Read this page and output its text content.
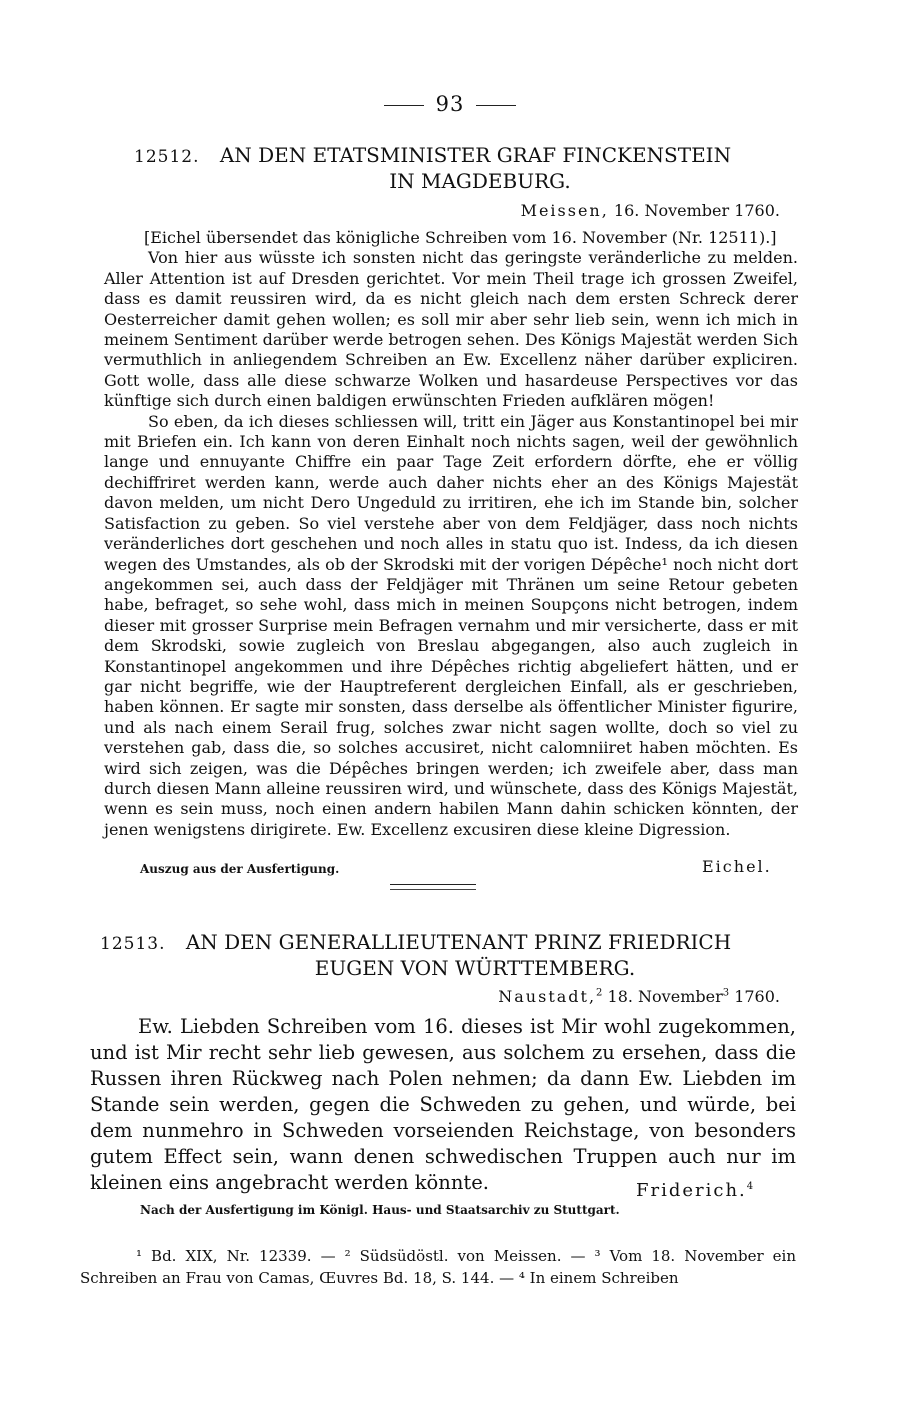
93
12512. AN DEN ETATSMINISTER GRAF FINCKENSTEIN
IN MAGDEBURG.
Meissen, 16. November 1760.

[Eichel übersendet das königliche Schreiben vom 16. November (Nr. 12511).]

Von hier aus wüsste ich sonsten nicht das geringste veränderliche zu melden. Aller Attention ist auf Dresden gerichtet. Vor mein Theil trage ich grossen Zweifel, dass es damit reussiren wird, da es nicht gleich nach dem ersten Schreck derer Oesterreicher damit gehen wollen; es soll mir aber sehr lieb sein, wenn ich mich in meinem Sentiment darüber werde betrogen sehen. Des Königs Majestät werden Sich vermuthlich in anliegendem Schreiben an Ew. Excellenz näher darüber expliciren. Gott wolle, dass alle diese schwarze Wolken und hasardeuse Perspectives vor das künftige sich durch einen baldigen erwünschten Frieden aufklären mögen!

So eben, da ich dieses schliessen will, tritt ein Jäger aus Konstantinopel bei mir mit Briefen ein. Ich kann von deren Einhalt noch nichts sagen, weil der gewöhnlich lange und ennuyante Chiffre ein paar Tage Zeit erfordern dörfte, ehe er völlig dechiffriret werden kann, werde auch daher nichts eher an des Königs Majestät davon melden, um nicht Dero Ungeduld zu irritiren, ehe ich im Stande bin, solcher Satisfaction zu geben. So viel verstehe aber von dem Feldjäger, dass noch nichts veränderliches dort geschehen und noch alles in statu quo ist. Indess, da ich diesen wegen des Umstandes, als ob der Skrodski mit der vorigen Dépêche¹ noch nicht dort angekommen sei, auch dass der Feldjäger mit Thränen um seine Retour gebeten habe, befraget, so sehe wohl, dass mich in meinen Soupçons nicht betrogen, indem dieser mit grosser Surprise mein Befragen vernahm und mir versicherte, dass er mit dem Skrodski, sowie zugleich von Breslau abgegangen, also auch zugleich in Konstantinopel angekommen und ihre Dépêches richtig abgeliefert hätten, und er gar nicht begriffe, wie der Hauptreferent dergleichen Einfall, als er geschrieben, haben können. Er sagte mir sonsten, dass derselbe als öffentlicher Minister figurire, und als nach einem Serail frug, solches zwar nicht sagen wollte, doch so viel zu verstehen gab, dass die, so solches accusiret, nicht calomniiret haben möchten. Es wird sich zeigen, was die Dépêches bringen werden; ich zweifele aber, dass man durch diesen Mann alleine reussiren wird, und wünschete, dass des Königs Majestät, wenn es sein muss, noch einen andern habilen Mann dahin schicken könnten, der jenen wenigstens dirigirete. Ew. Excellenz excusiren diese kleine Digression.

Auszug aus der Ausfertigung.	Eichel.
12513. AN DEN GENERALLIEUTENANT PRINZ FRIEDRICH
EUGEN VON WÜRTTEMBERG.
Naustadt,$^2$ 18. November$^3$ 1760.

Ew. Liebden Schreiben vom 16. dieses ist Mir wohl zugekommen, und ist Mir recht sehr lieb gewesen, aus solchem zu ersehen, dass die Russen ihren Rückweg nach Polen nehmen; da dann Ew. Liebden im Stande sein werden, gegen die Schweden zu gehen, und würde, bei dem nunmehro in Schweden vorseienden Reichstage, von besonders gutem Effect sein, wann denen schwedischen Truppen auch nur im kleinen eins angebracht werden könnte.	Friderich.$^4$
Nach der Ausfertigung im Königl. Haus- und Staatsarchiv zu Stuttgart.

¹ Bd. XIX, Nr. 12339. — ² Südsüdöstl. von Meissen. — ³ Vom 18. November ein Schreiben an Frau von Camas, Œuvres Bd. 18, S. 144. — ⁴ In einem Schreiben
